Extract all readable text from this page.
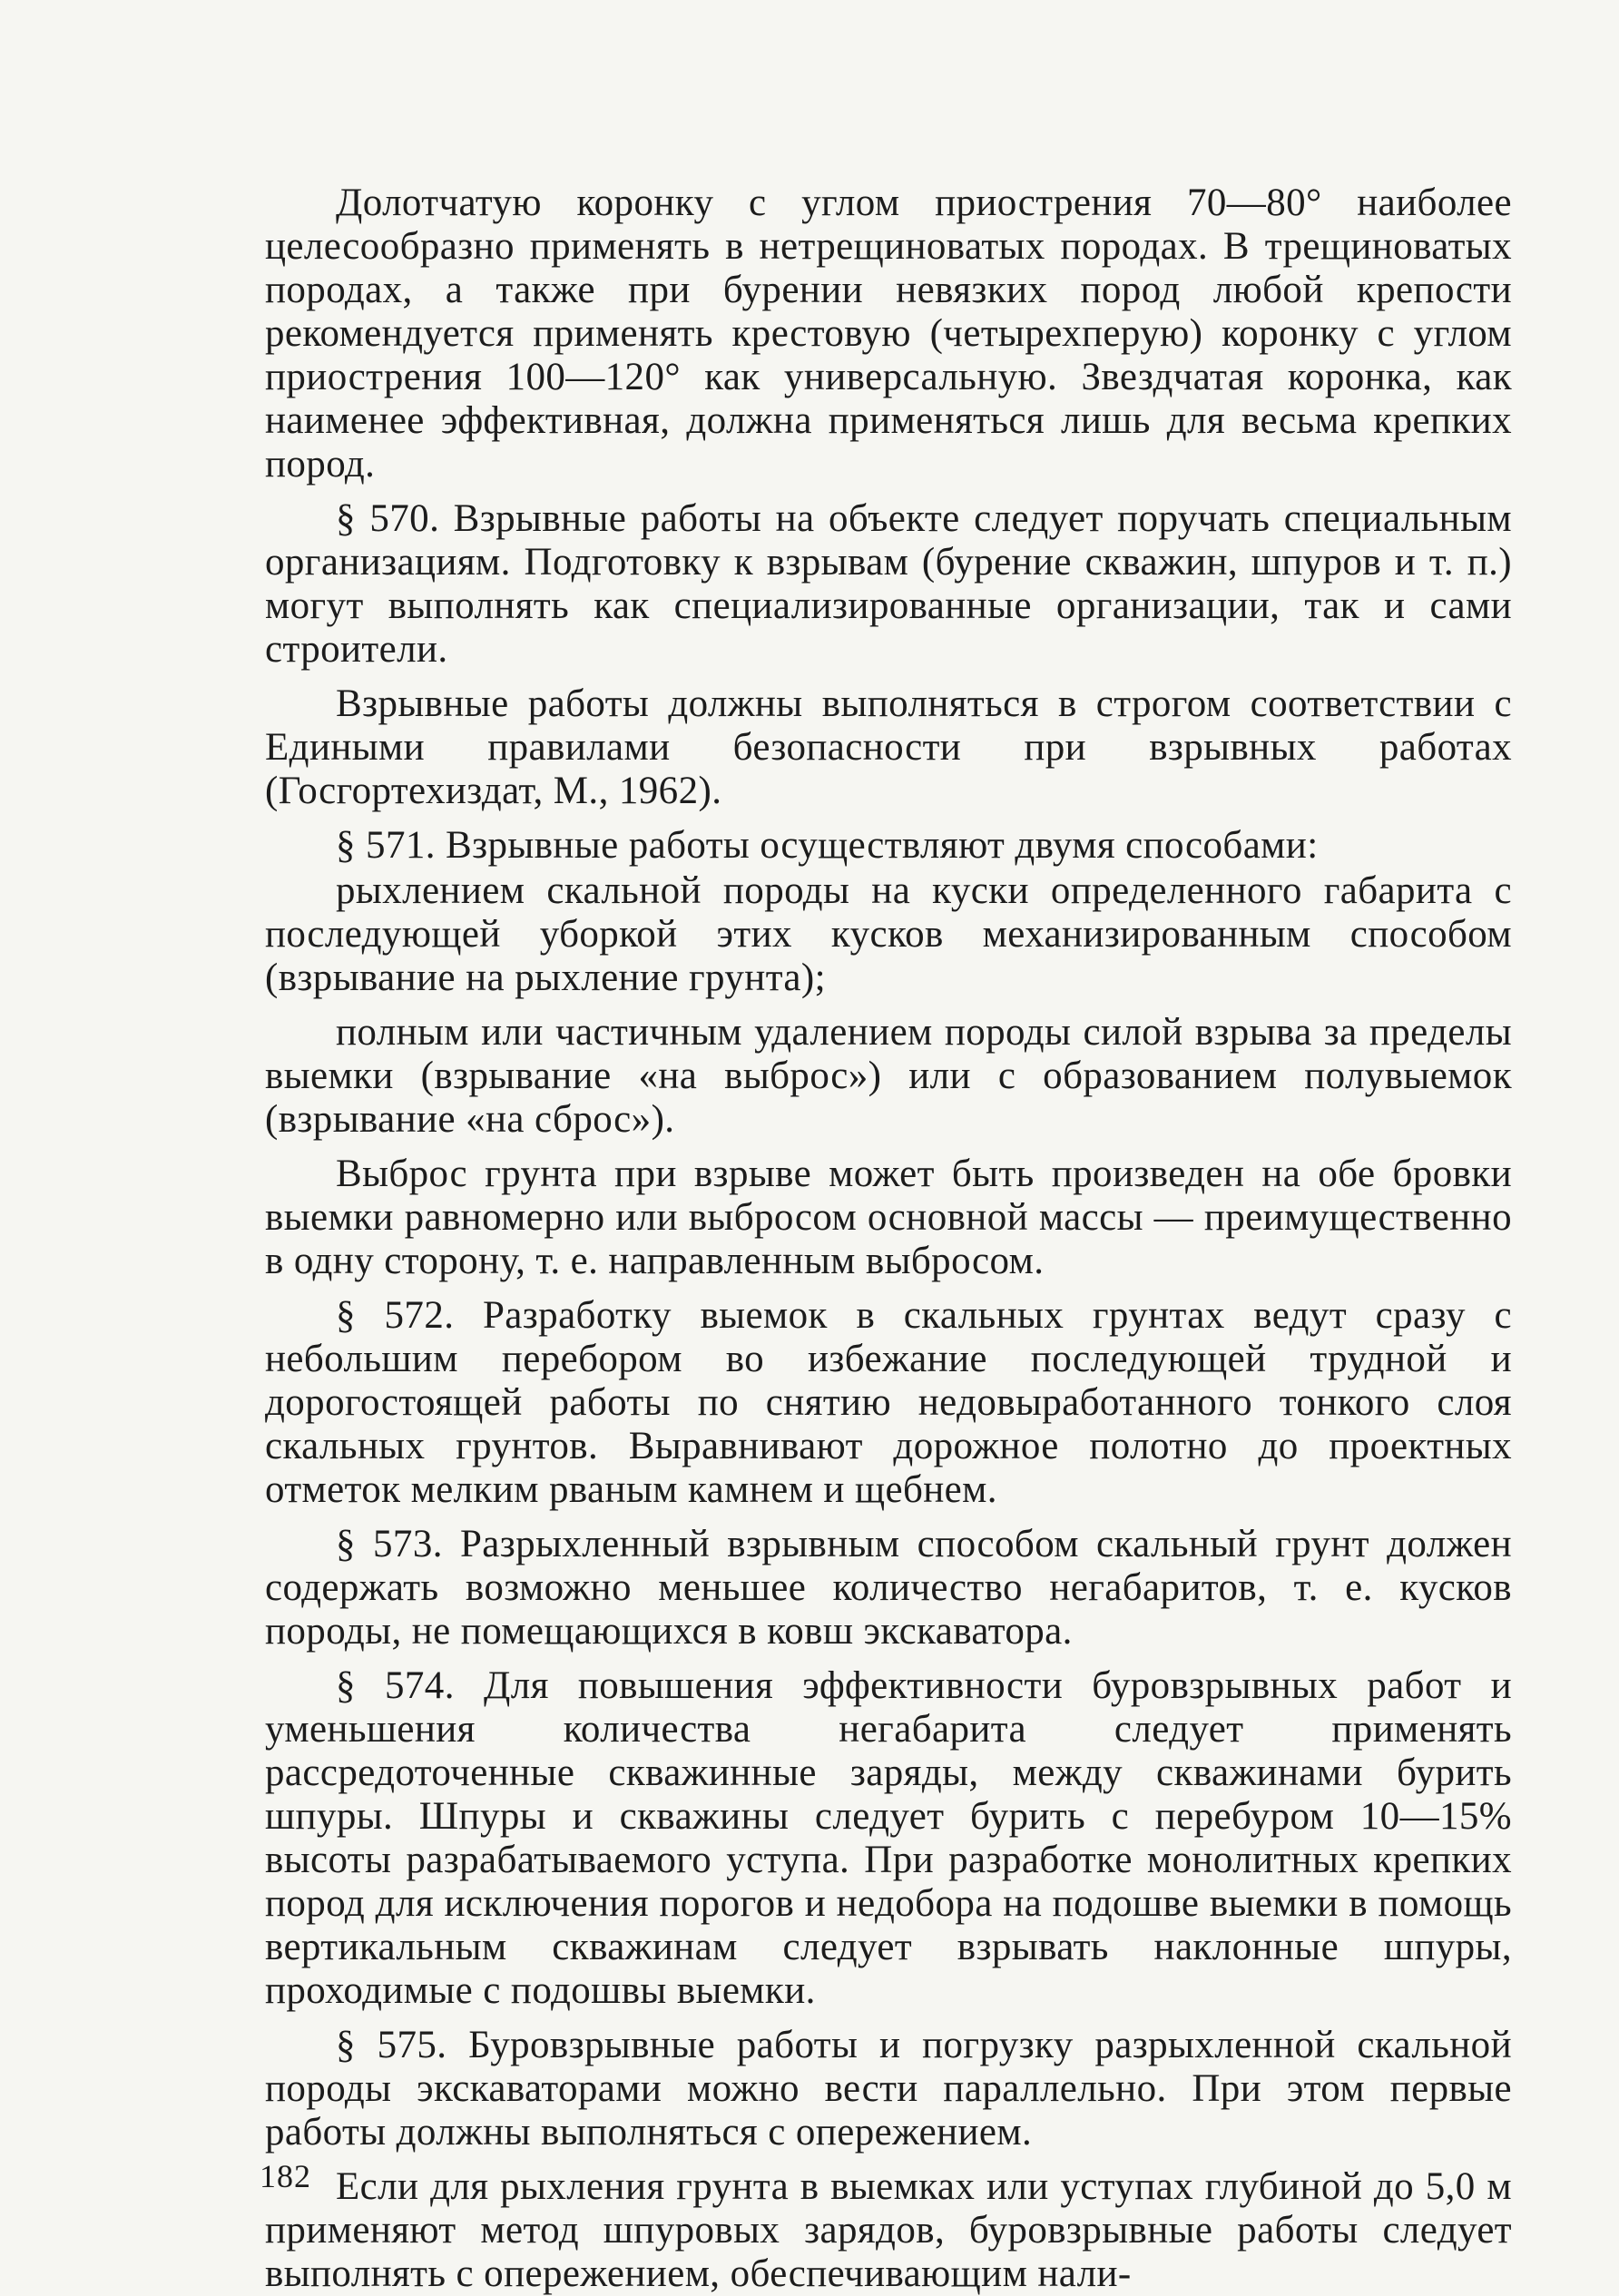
Долотчатую коронку с углом приострения 70—80° наиболее целесообразно применять в нетрещиноватых породах. В трещиноватых породах, а также при бурении невязких пород любой крепости рекомендуется применять крестовую (четырехперую) коронку с углом приострения 100—120° как универсальную. Звездчатая коронка, как наименее эффективная, должна применяться лишь для весьма крепких пород.

§ 570. Взрывные работы на объекте следует поручать специальным организациям. Подготовку к взрывам (бурение скважин, шпуров и т. п.) могут выполнять как специализированные организации, так и сами строители.

Взрывные работы должны выполняться в строгом соответствии с Едиными правилами безопасности при взрывных работах (Госгортехиздат, М., 1962).

§ 571. Взрывные работы осуществляют двумя способами:

рыхлением скальной породы на куски определенного габарита с последующей уборкой этих кусков механизированным способом (взрывание на рыхление грунта);

полным или частичным удалением породы силой взрыва за пределы выемки (взрывание «на выброс») или с образованием полувыемок (взрывание «на сброс»).

Выброс грунта при взрыве может быть произведен на обе бровки выемки равномерно или выбросом основной массы — преимущественно в одну сторону, т. е. направленным выбросом.

§ 572. Разработку выемок в скальных грунтах ведут сразу с небольшим перебором во избежание последующей трудной и дорогостоящей работы по снятию недовыработанного тонкого слоя скальных грунтов. Выравнивают дорожное полотно до проектных отметок мелким рваным камнем и щебнем.

§ 573. Разрыхленный взрывным способом скальный грунт должен содержать возможно меньшее количество негабаритов, т. е. кусков породы, не помещающихся в ковш экскаватора.

§ 574. Для повышения эффективности буровзрывных работ и уменьшения количества негабарита следует применять рассредоточенные скважинные заряды, между скважинами бурить шпуры. Шпуры и скважины следует бурить с перебуром 10—15% высоты разрабатываемого уступа. При разработке монолитных крепких пород для исключения порогов и недобора на подошве выемки в помощь вертикальным скважинам следует взрывать наклонные шпуры, проходимые с подошвы выемки.

§ 575. Буровзрывные работы и погрузку разрыхленной скальной породы экскаваторами можно вести параллельно. При этом первые работы должны выполняться с опережением.

Если для рыхления грунта в выемках или уступах глубиной до 5,0 м применяют метод шпуровых зарядов, буровзрывные работы следует выполнять с опережением, обеспечивающим нали-

182
